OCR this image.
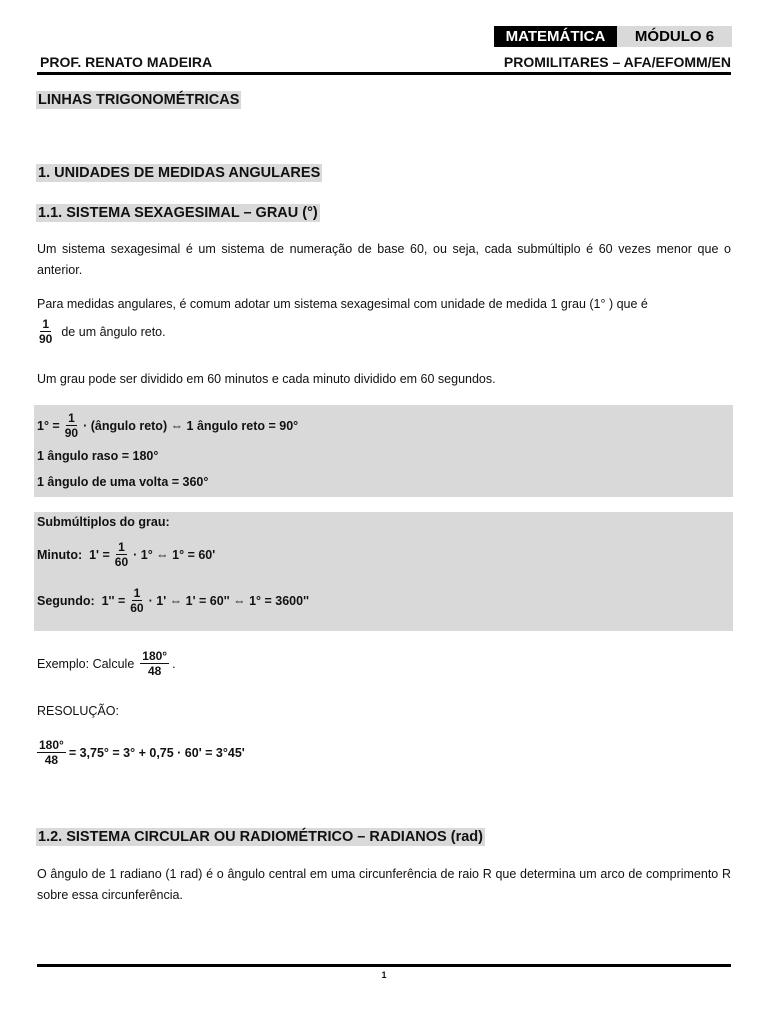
MATEMÁTICA	MÓDULO 6
PROF. RENATO MADEIRA	PROMILITARES – AFA/EFOMM/EN
LINHAS TRIGONOMÉTRICAS
1. UNIDADES DE MEDIDAS ANGULARES
1.1. SISTEMA SEXAGESIMAL – GRAU (°)
Um sistema sexagesimal é um sistema de numeração de base 60, ou seja, cada submúltiplo é 60 vezes menor que o anterior.
Para medidas angulares, é comum adotar um sistema sexagesimal com unidade de medida 1 grau (1° ) que é
$\frac{1}{90}$ de um ângulo reto.
Um grau pode ser dividido em 60 minutos e cada minuto dividido em 60 segundos.
$1^\circ = \frac{1}{90}$ · (ângulo reto) ⇔ 1 ângulo reto = 90°
1 ângulo raso = 180°
1 ângulo de uma volta = 360°
Submúltiplos do grau:
Minuto:  $1' = \frac{1}{60} \cdot 1^\circ$ ⇔ 1° = 60'
Segundo:  $1'' = \frac{1}{60} \cdot 1'$ ⇔ 1' = 60'' ⇔ 1° = 3600''
Exemplo: Calcule $\frac{180^\circ}{48}$ .
RESOLUÇÃO:
$\frac{180^\circ}{48} = 3,75^\circ = 3^\circ + 0,75 \cdot 60' = 3^\circ 45'$
1.2. SISTEMA CIRCULAR OU RADIOMÉTRICO – RADIANOS (rad)
O ângulo de 1 radiano (1 rad) é o ângulo central em uma circunferência de raio R que determina um arco de comprimento R sobre essa circunferência.
1
